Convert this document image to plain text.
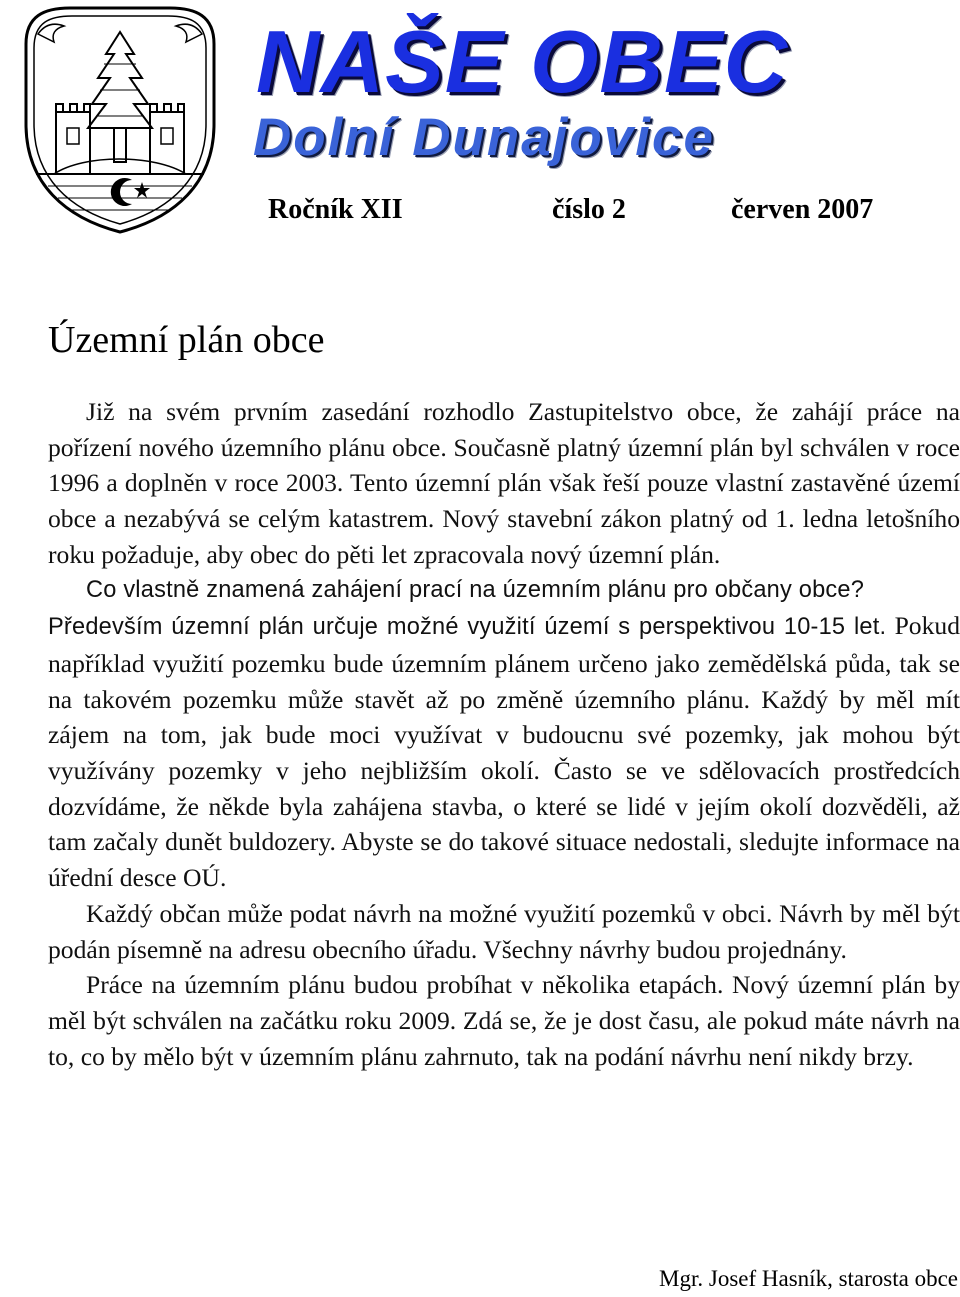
NAŠE OBEC
Dolní Dunajovice
Ročník XII	číslo 2	červen 2007
Územní plán obce

Již na svém prvním zasedání rozhodlo Zastupitelstvo obce, že zahájí práce na pořízení nového územního plánu obce. Současně platný územní plán byl schválen v roce 1996 a doplněn v roce 2003. Tento územní plán však řeší pouze vlastní zastavěné území obce a nezabývá se celým katastrem. Nový stavební zákon platný od 1. ledna letošního roku požaduje, aby obec do pěti let zpracovala nový územní plán.

Co vlastně znamená zahájení prací na územním plánu pro občany obce?

Především územní plán určuje možné využití území s perspektivou 10-15 let. Pokud například využití pozemku bude územním plánem určeno jako zemědělská půda, tak se na takovém pozemku může stavět až po změně územního plánu. Každý by měl mít zájem na tom, jak bude moci využívat v budoucnu své pozemky, jak mohou být využívány pozemky v jeho nejbližším okolí. Často se ve sdělovacích prostředcích dozvídáme, že někde byla zahájena stavba, o které se lidé v jejím okolí dozvěděli, až tam začaly dunět buldozery. Abyste se do takové situace nedostali, sledujte informace na úřední desce OÚ.

Každý občan může podat návrh na možné využití pozemků v obci. Návrh by měl být podán písemně na adresu obecního úřadu. Všechny návrhy budou projednány.

Práce na územním plánu budou probíhat v několika etapách. Nový územní plán by měl být schválen na začátku roku 2009. Zdá se, že je dost času, ale pokud máte návrh na to, co by mělo být v územním plánu zahrnuto, tak na podání návrhu není nikdy brzy.

Mgr. Josef Hasník, starosta obce
